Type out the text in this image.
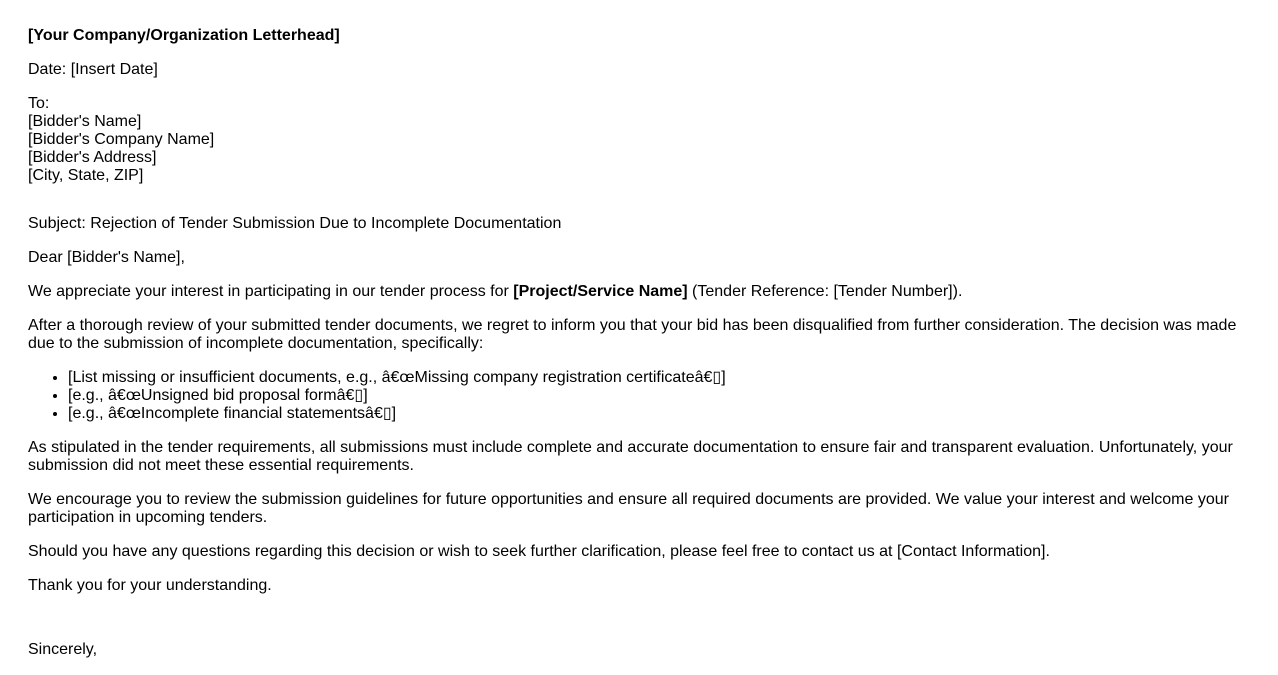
[Your Company/Organization Letterhead]

Date: [Insert Date]

To:
[Bidder's Name]
[Bidder's Company Name]
[Bidder's Address]
[City, State, ZIP]

Subject: Rejection of Tender Submission Due to Incomplete Documentation

Dear [Bidder's Name],

We appreciate your interest in participating in our tender process for [Project/Service Name] (Tender Reference: [Tender Number]).

After a thorough review of your submitted tender documents, we regret to inform you that your bid has been disqualified from further consideration. The decision was made due to the submission of incomplete documentation, specifically:

• [List missing or insufficient documents, e.g., â€œMissing company registration certificateâ€▯]
• [e.g., â€œUnsigned bid proposal formâ€▯]
• [e.g., â€œIncomplete financial statementsâ€▯]

As stipulated in the tender requirements, all submissions must include complete and accurate documentation to ensure fair and transparent evaluation. Unfortunately, your submission did not meet these essential requirements.

We encourage you to review the submission guidelines for future opportunities and ensure all required documents are provided. We value your interest and welcome your participation in upcoming tenders.

Should you have any questions regarding this decision or wish to seek further clarification, please feel free to contact us at [Contact Information].

Thank you for your understanding.

Sincerely,
